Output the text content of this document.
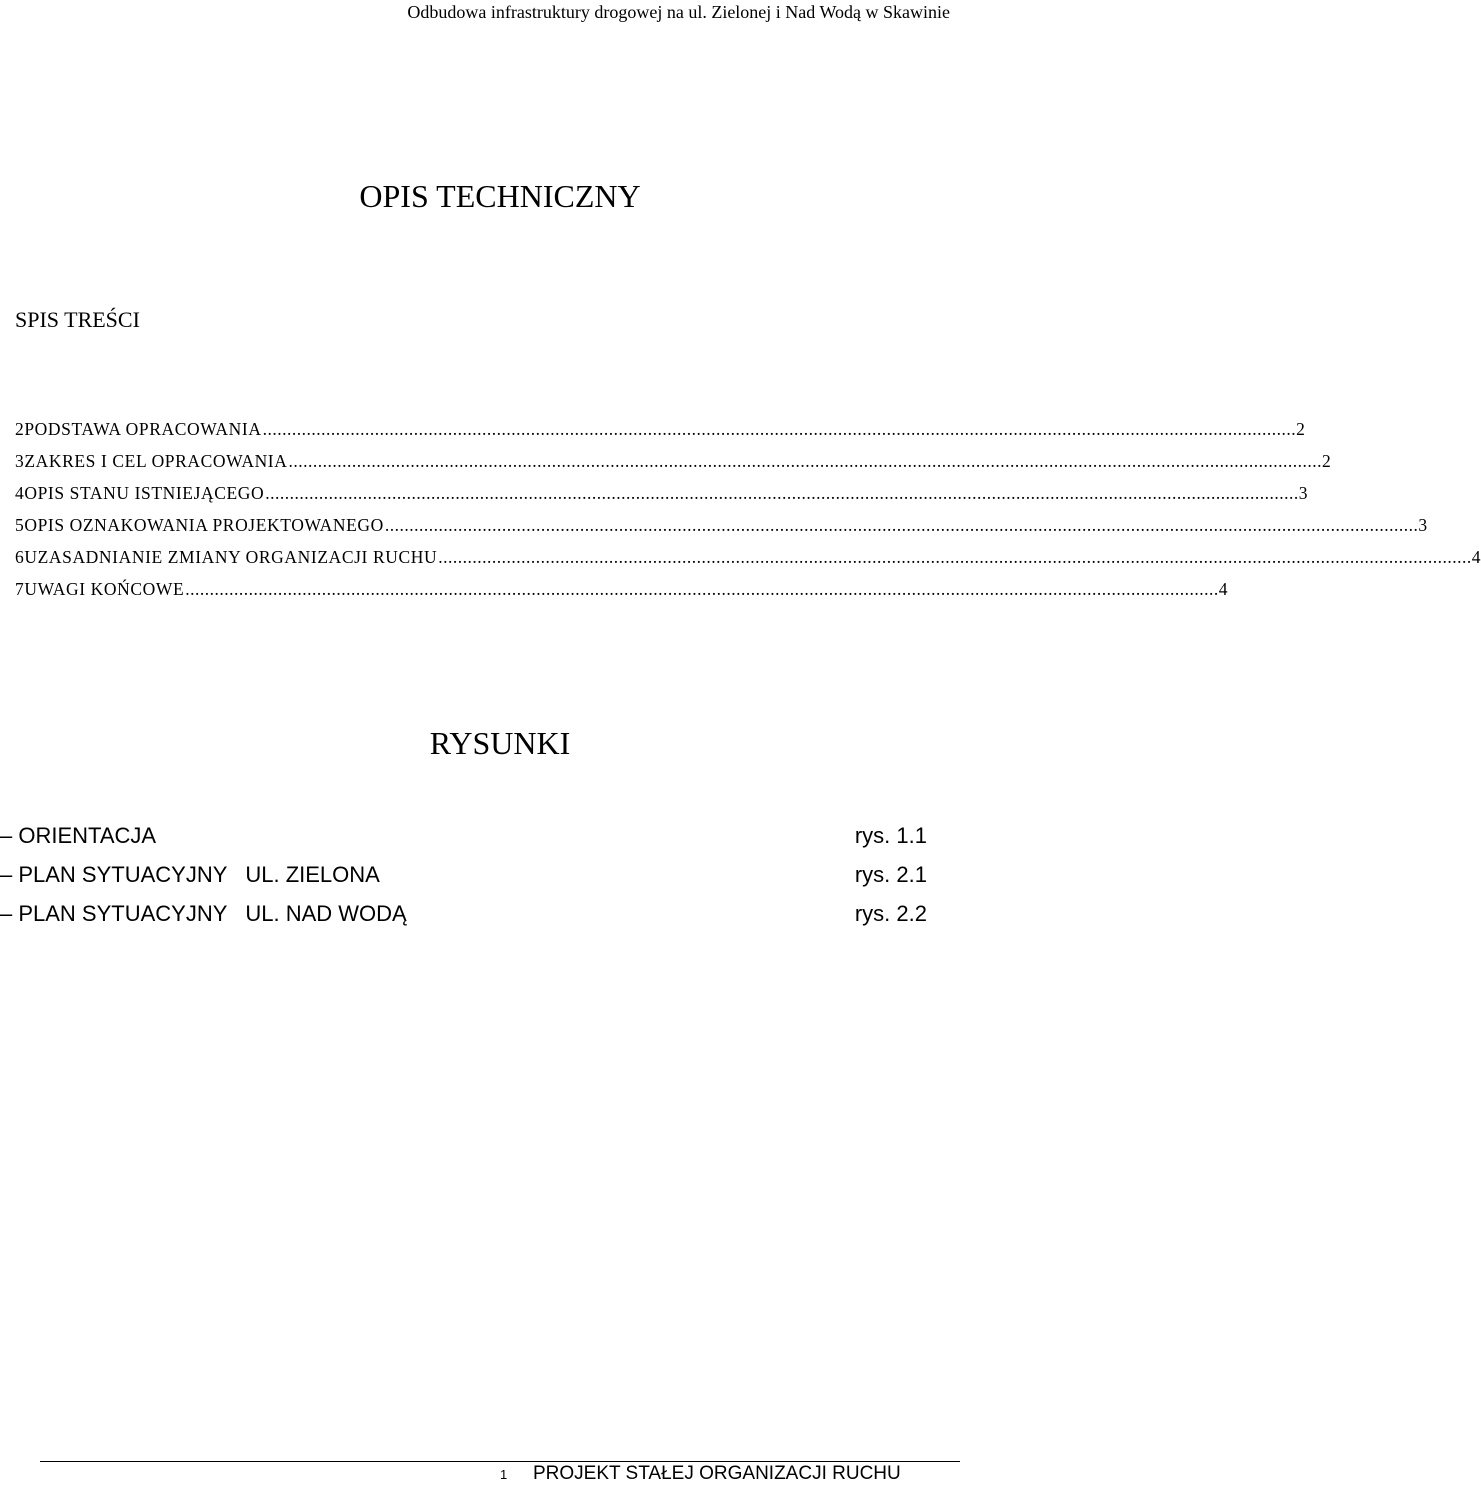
Odbudowa infrastruktury drogowej na ul. Zielonej i Nad Wodą w Skawinie
OPIS TECHNICZNY
SPIS TREŚCI
2PODSTAWA OPRACOWANIA .................................................................................................................................................................................................................... 2
3ZAKRES I CEL OPRACOWANIA .................................................................................................................................................................................................................... 2
4OPIS STANU ISTNIEJĄCEGO .................................................................................................................................................................................................................... 3
5OPIS OZNAKOWANIA PROJEKTOWANEGO .................................................................................................................................................................................................................... 3
6UZASADNIANIE ZMIANY ORGANIZACJI RUCHU .................................................................................................................................................................................................................... 4
7UWAGI KOŃCOWE .................................................................................................................................................................................................................... 4
RYSUNKI
– ORIENTACJA	rys. 1.1
– PLAN SYTUACYJNY   UL. ZIELONA	rys. 2.1
– PLAN SYTUACYJNY   UL. NAD WODĄ	rys. 2.2
1 PROJEKT STAŁEJ ORGANIZACJI RUCHU
